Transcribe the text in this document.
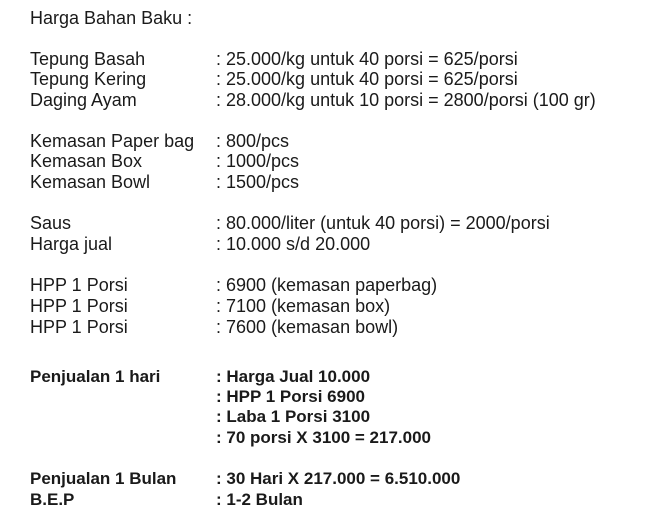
Harga Bahan Baku :
Tepung Basah	: 25.000/kg untuk 40 porsi = 625/porsi
Tepung Kering	: 25.000/kg untuk 40 porsi = 625/porsi
Daging Ayam	: 28.000/kg untuk 10 porsi = 2800/porsi (100 gr)
Kemasan Paper bag : 800/pcs
Kemasan Box	: 1000/pcs
Kemasan Bowl	: 1500/pcs
Saus	: 80.000/liter (untuk 40 porsi) = 2000/porsi
Harga jual	: 10.000 s/d 20.000
HPP 1 Porsi	: 6900 (kemasan paperbag)
HPP 1 Porsi	: 7100 (kemasan box)
HPP 1 Porsi	: 7600 (kemasan bowl)
Penjualan 1 hari	: Harga Jual 10.000
: HPP 1 Porsi 6900
: Laba 1 Porsi 3100
: 70 porsi X 3100 = 217.000
Penjualan 1 Bulan : 30 Hari X 217.000 = 6.510.000
B.E.P	: 1-2 Bulan
